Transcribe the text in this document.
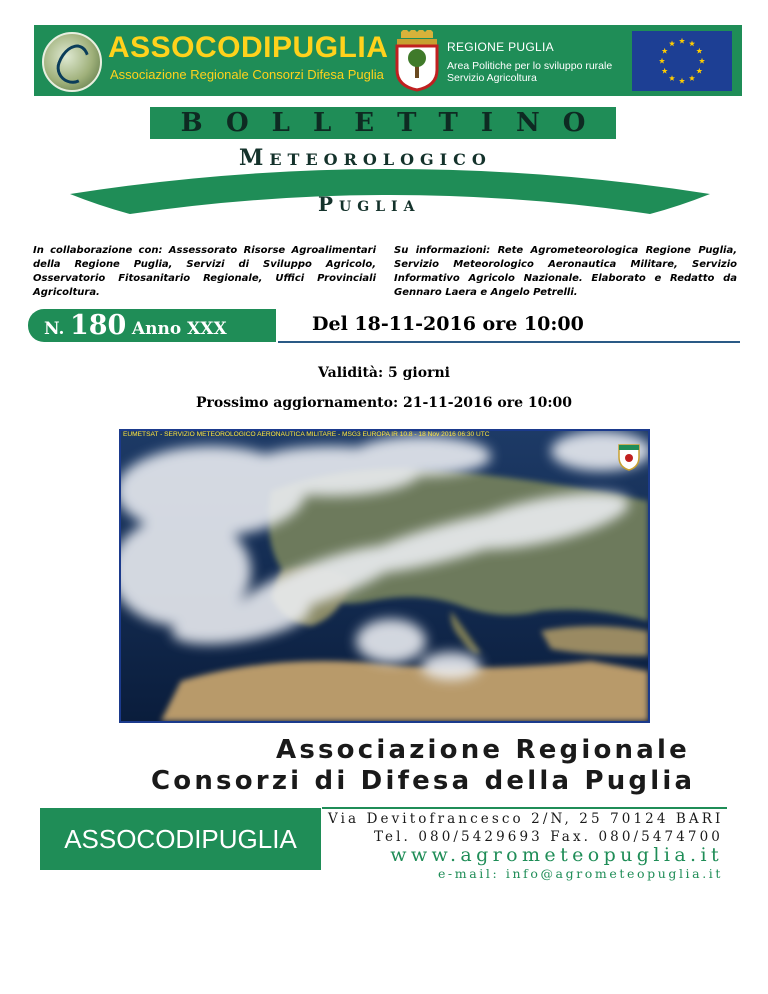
ASSOCODIPUGLIA
Associazione Regionale Consorzi Difesa Puglia
REGIONE PUGLIA
Area Politiche per lo sviluppo rurale
Servizio Agricoltura
BOLLETTINO
METEOROLOGICO
PUGLIA
In collaborazione con: Assessorato Risorse Agroalimentari della Regione Puglia, Servizi di Sviluppo Agricolo, Osservatorio Fitosanitario Regionale, Uffici Provinciali Agricoltura.
Su informazioni: Rete Agrometeorologica Regione Puglia, Servizio Meteorologico Aeronautica Militare, Servizio Informativo Agricolo Nazionale. Elaborato e Redatto da Gennaro Laera e Angelo Petrelli.
N. 180 Anno XXX	Del 18-11-2016 ore 10:00
Validità: 5 giorni
Prossimo aggiornamento: 21-11-2016 ore 10:00
EUMETSAT - SERVIZIO METEOROLOGICO AERONAUTICA MILITARE - MSG3 EUROPA IR 10.8 - 18 Nov 2016 06:30 UTC
Associazione Regionale
Consorzi di Difesa della Puglia
ASSOCODIPUGLIA
Via Devitofrancesco 2/N, 25 70124 BARI
Tel. 080/5429693 Fax. 080/5474700
www.agrometeopuglia.it
e-mail: info@agrometeopuglia.it
